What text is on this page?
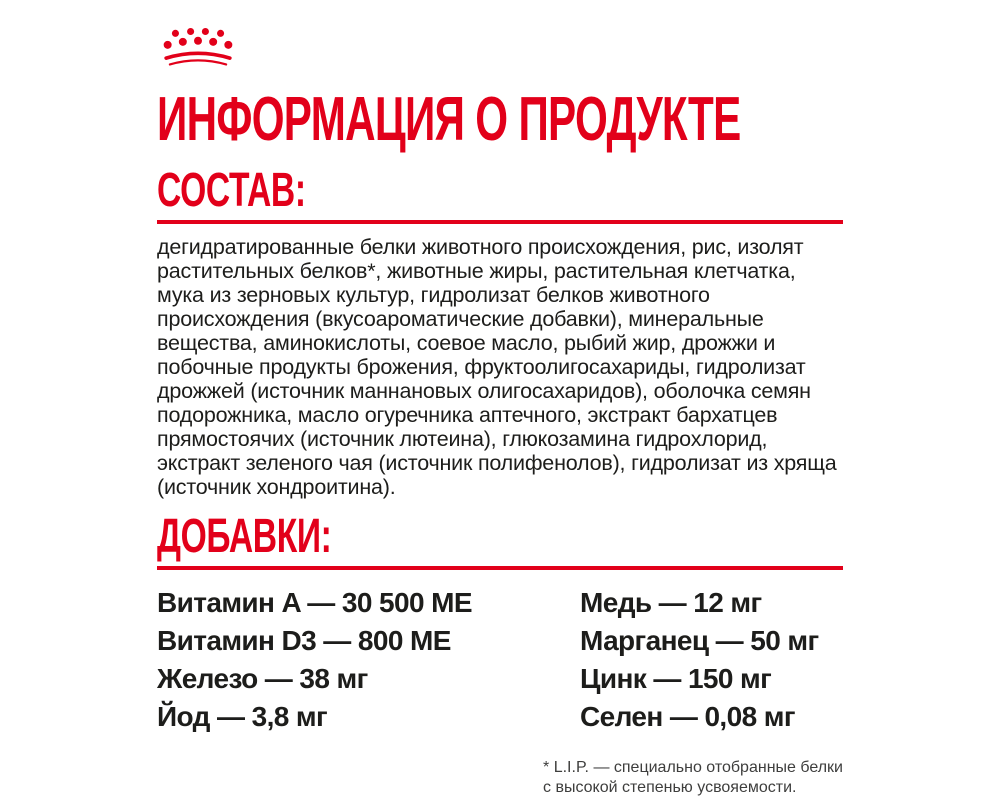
ИНФОРМАЦИЯ О ПРОДУКТЕ
СОСТАВ:

дегидратированные белки животного происхождения, рис, изолят растительных белков*, животные жиры, растительная клетчатка, мука из зерновых культур, гидролизат белков животного происхождения (вкусоароматические добавки), минеральные вещества, аминокислоты, соевое масло, рыбий жир, дрожжи и побочные продукты брожения, фруктоолигосахариды, гидролизат дрожжей (источник маннановых олигосахаридов), оболочка семян подорожника, масло огуречника аптечного, экстракт бархатцев прямостоячих (источник лютеина), глюкозамина гидрохлорид, экстракт зеленого чая (источник полифенолов), гидролизат из хряща (источник хондроитина).

ДОБАВКИ:
Витамин A — 30 500 МЕ
Витамин D3 — 800 МЕ
Железо — 38 мг
Йод — 3,8 мг
Медь — 12 мг
Марганец — 50 мг
Цинк — 150 мг
Селен — 0,08 мг
* L.I.P. — специально отобранные белки
с высокой степенью усвояемости.
